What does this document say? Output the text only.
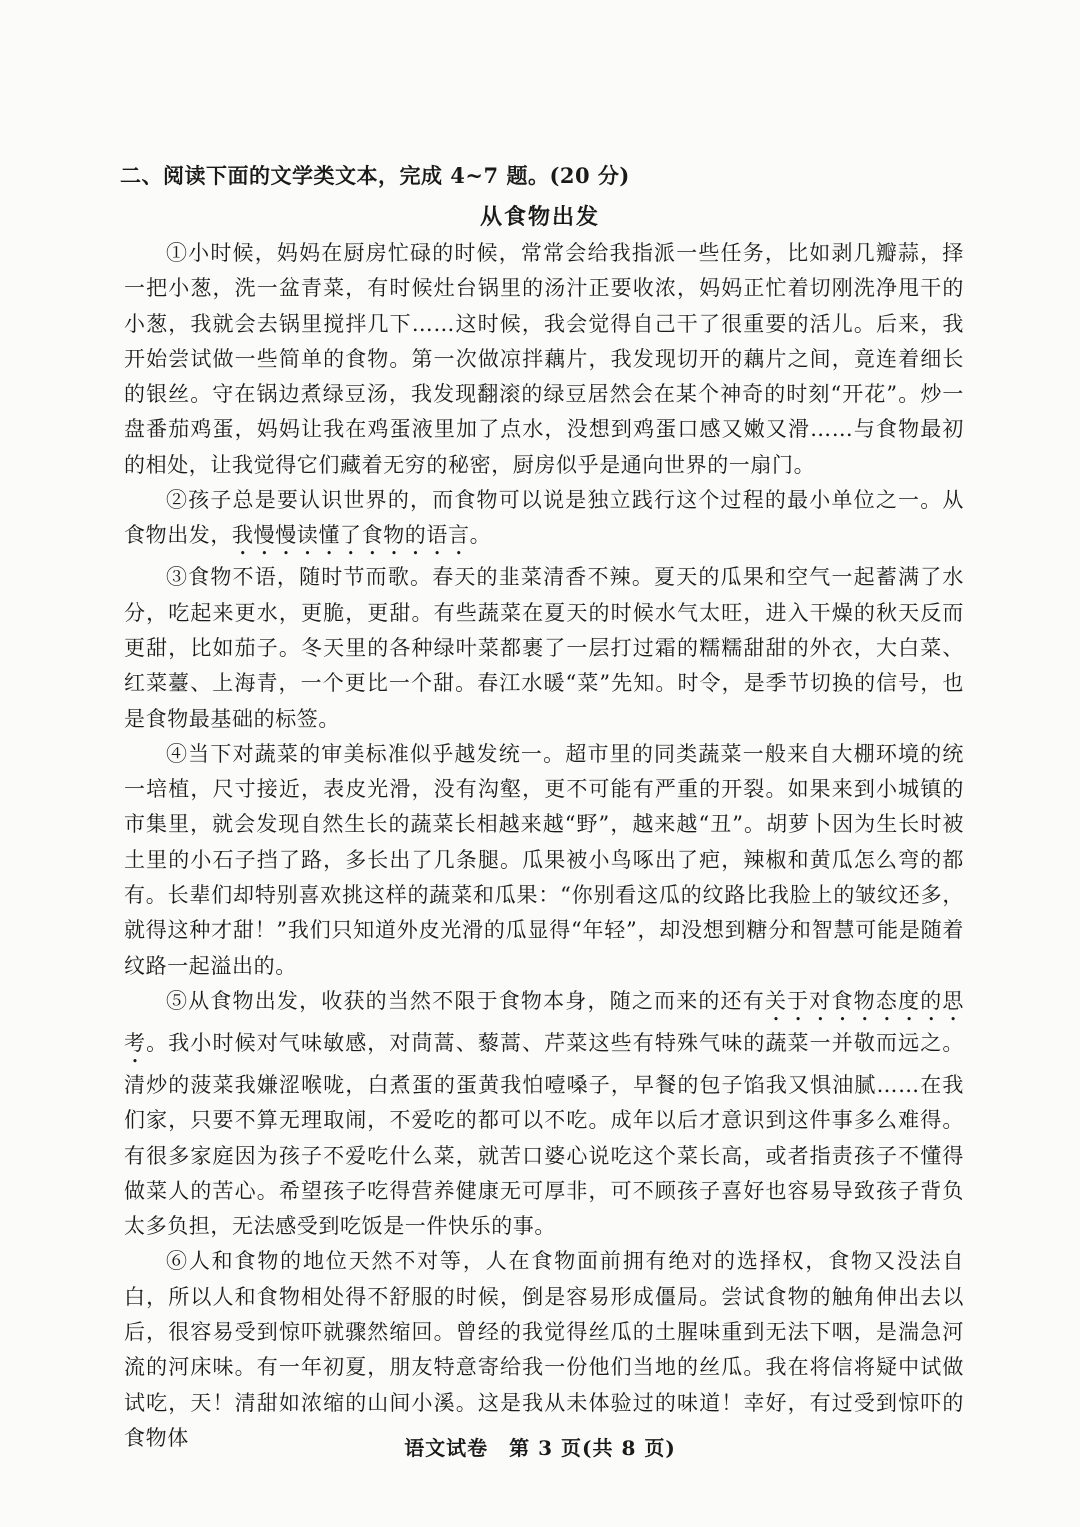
二、阅读下面的文学类文本，完成 4~7 题。(20 分)
从食物出发

①小时候，妈妈在厨房忙碌的时候，常常会给我指派一些任务，比如剥几瓣蒜，择一把小葱，洗一盆青菜，有时候灶台锅里的汤汁正要收浓，妈妈正忙着切刚洗净甩干的小葱，我就会去锅里搅拌几下……这时候，我会觉得自己干了很重要的活儿。后来，我开始尝试做一些简单的食物。第一次做凉拌藕片，我发现切开的藕片之间，竟连着细长的银丝。守在锅边煮绿豆汤，我发现翻滚的绿豆居然会在某个神奇的时刻“开花”。炒一盘番茄鸡蛋，妈妈让我在鸡蛋液里加了点水，没想到鸡蛋口感又嫩又滑……与食物最初的相处，让我觉得它们藏着无穷的秘密，厨房似乎是通向世界的一扇门。

②孩子总是要认识世界的，而食物可以说是独立践行这个过程的最小单位之一。从食物出发，我慢慢读懂了食物的语言。

③食物不语，随时节而歌。春天的韭菜清香不辣。夏天的瓜果和空气一起蓄满了水分，吃起来更水，更脆，更甜。有些蔬菜在夏天的时候水气太旺，进入干燥的秋天反而更甜，比如茄子。冬天里的各种绿叶菜都裹了一层打过霜的糯糯甜甜的外衣，大白菜、红菜薹、上海青，一个更比一个甜。春江水暖“菜”先知。时令，是季节切换的信号，也是食物最基础的标签。

④当下对蔬菜的审美标准似乎越发统一。超市里的同类蔬菜一般来自大棚环境的统一培植，尺寸接近，表皮光滑，没有沟壑，更不可能有严重的开裂。如果来到小城镇的市集里，就会发现自然生长的蔬菜长相越来越“野”，越来越“丑”。胡萝卜因为生长时被土里的小石子挡了路，多长出了几条腿。瓜果被小鸟啄出了疤，辣椒和黄瓜怎么弯的都有。长辈们却特别喜欢挑这样的蔬菜和瓜果：“你别看这瓜的纹路比我脸上的皱纹还多，就得这种才甜！”我们只知道外皮光滑的瓜显得“年轻”，却没想到糖分和智慧可能是随着纹路一起溢出的。

⑤从食物出发，收获的当然不限于食物本身，随之而来的还有关于对食物态度的思考。我小时候对气味敏感，对茼蒿、藜蒿、芹菜这些有特殊气味的蔬菜一并敬而远之。清炒的菠菜我嫌涩喉咙，白煮蛋的蛋黄我怕噎嗓子，早餐的包子馅我又惧油腻……在我们家，只要不算无理取闹，不爱吃的都可以不吃。成年以后才意识到这件事多么难得。有很多家庭因为孩子不爱吃什么菜，就苦口婆心说吃这个菜长高，或者指责孩子不懂得做菜人的苦心。希望孩子吃得营养健康无可厚非，可不顾孩子喜好也容易导致孩子背负太多负担，无法感受到吃饭是一件快乐的事。

⑥人和食物的地位天然不对等，人在食物面前拥有绝对的选择权，食物又没法自白，所以人和食物相处得不舒服的时候，倒是容易形成僵局。尝试食物的触角伸出去以后，很容易受到惊吓就骤然缩回。曾经的我觉得丝瓜的土腥味重到无法下咽，是湍急河流的河床味。有一年初夏，朋友特意寄给我一份他们当地的丝瓜。我在将信将疑中试做试吃，天！清甜如浓缩的山间小溪。这是我从未体验过的味道！幸好，有过受到惊吓的食物体	语文试卷　第 3 页(共 8 页)
